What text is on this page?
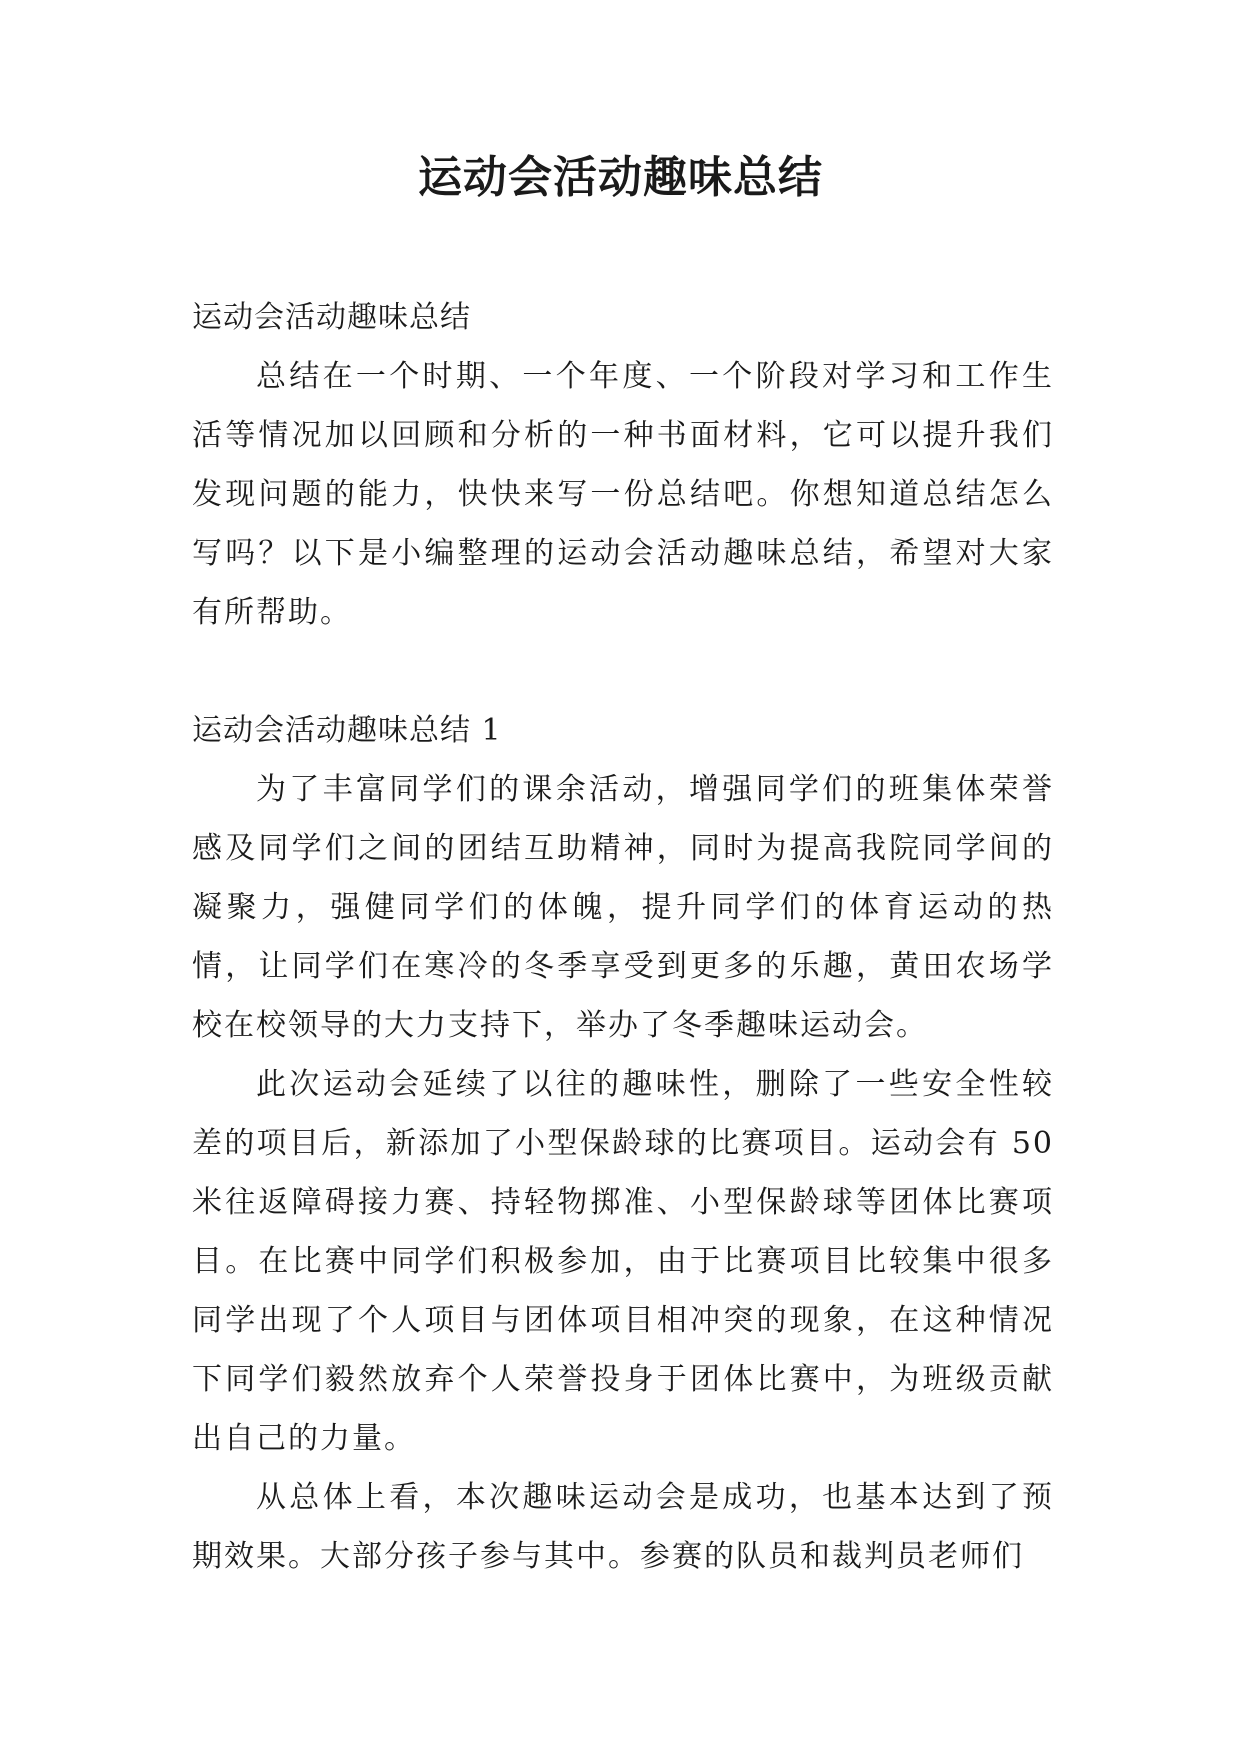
运动会活动趣味总结

运动会活动趣味总结

总结在一个时期、一个年度、一个阶段对学习和工作生活等情况加以回顾和分析的一种书面材料，它可以提升我们发现问题的能力，快快来写一份总结吧。你想知道总结怎么写吗？以下是小编整理的运动会活动趣味总结，希望对大家有所帮助。

运动会活动趣味总结 1

为了丰富同学们的课余活动，增强同学们的班集体荣誉感及同学们之间的团结互助精神，同时为提高我院同学间的凝聚力，强健同学们的体魄，提升同学们的体育运动的热情，让同学们在寒冷的冬季享受到更多的乐趣，黄田农场学校在校领导的大力支持下，举办了冬季趣味运动会。

此次运动会延续了以往的趣味性，删除了一些安全性较差的项目后，新添加了小型保龄球的比赛项目。运动会有 50 米往返障碍接力赛、持轻物掷准、小型保龄球等团体比赛项目。在比赛中同学们积极参加，由于比赛项目比较集中很多同学出现了个人项目与团体项目相冲突的现象，在这种情况下同学们毅然放弃个人荣誉投身于团体比赛中，为班级贡献出自己的力量。

从总体上看，本次趣味运动会是成功，也基本达到了预期效果。大部分孩子参与其中。参赛的队员和裁判员老师们
